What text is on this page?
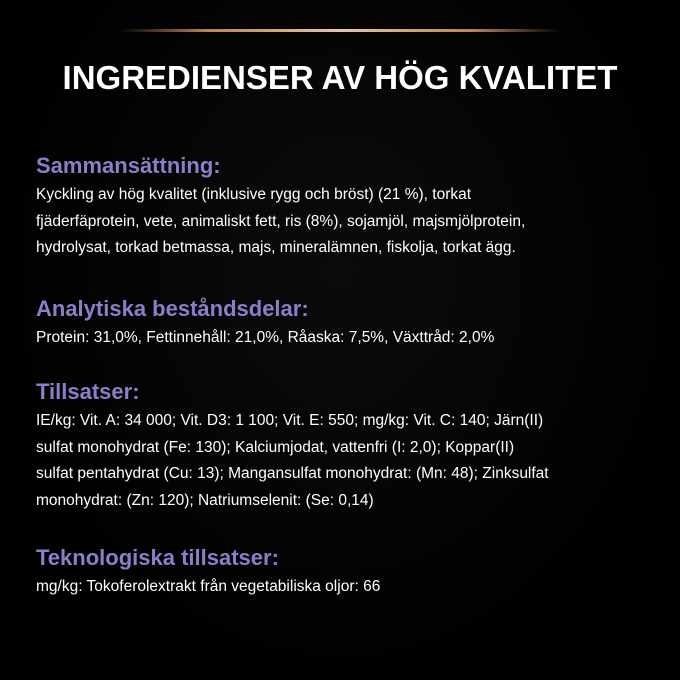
INGREDIENSER AV HÖG KVALITET
Sammansättning:

Kyckling av hög kvalitet (inklusive rygg och bröst) (21 %), torkat
fjäderfäprotein, vete, animaliskt fett, ris (8%), sojamjöl, majsmjölprotein,
hydrolysat, torkad betmassa, majs, mineralämnen, fiskolja, torkat ägg.

Analytiska beståndsdelar:

Protein: 31,0%, Fettinnehåll: 21,0%, Råaska: 7,5%, Växttråd: 2,0%

Tillsatser:

IE/kg: Vit. A: 34 000; Vit. D3: 1 100; Vit. E: 550; mg/kg: Vit. C: 140; Järn(II)
sulfat monohydrat (Fe: 130); Kalciumjodat, vattenfri (I: 2,0); Koppar(II)
sulfat pentahydrat (Cu: 13); Mangansulfat monohydrat: (Mn: 48); Zinksulfat
monohydrat: (Zn: 120); Natriumselenit: (Se: 0,14)

Teknologiska tillsatser:

mg/kg: Tokoferolextrakt från vegetabiliska oljor: 66
